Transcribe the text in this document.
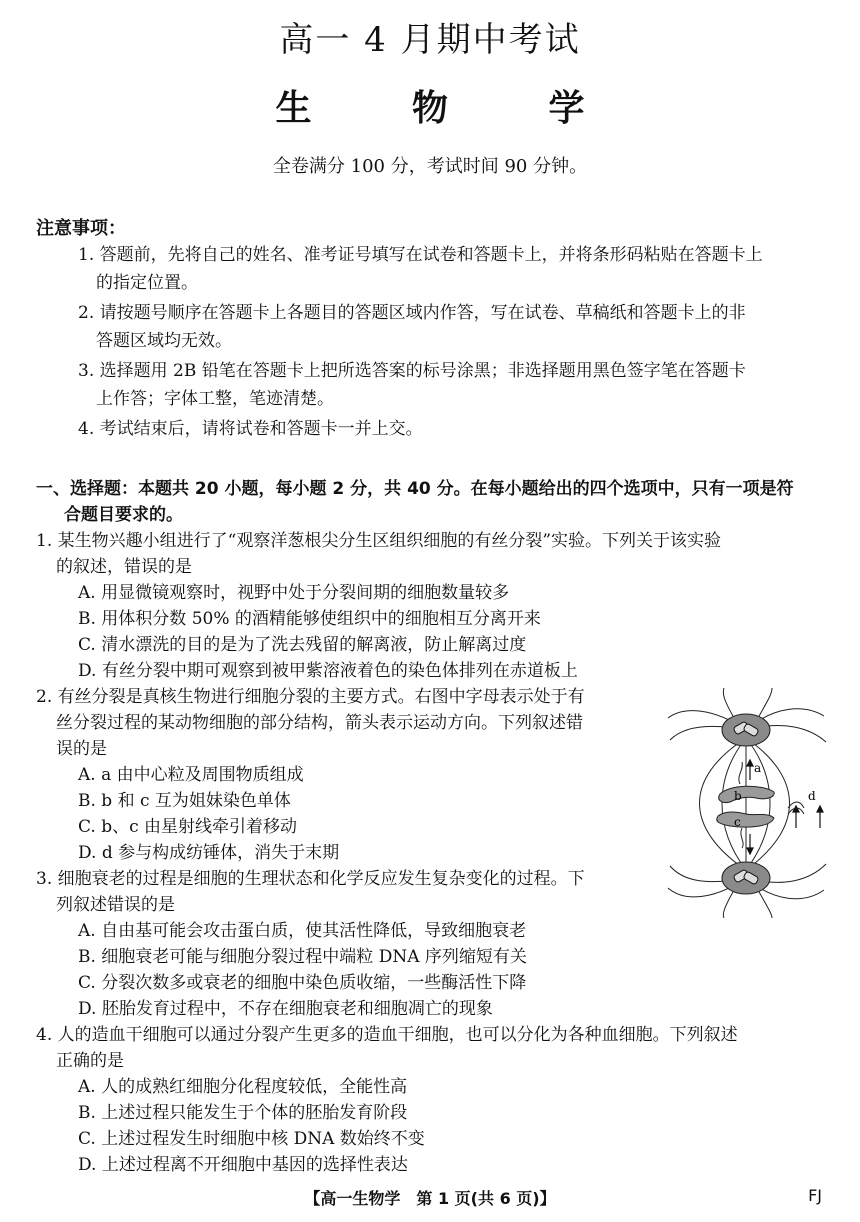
高一 4 月期中考试
生 物 学
全卷满分 100 分，考试时间 90 分钟。
注意事项：
1. 答题前，先将自己的姓名、准考证号填写在试卷和答题卡上，并将条形码粘贴在答题卡上
的指定位置。
2. 请按题号顺序在答题卡上各题目的答题区域内作答，写在试卷、草稿纸和答题卡上的非
答题区域均无效。
3. 选择题用 2B 铅笔在答题卡上把所选答案的标号涂黑；非选择题用黑色签字笔在答题卡
上作答；字体工整，笔迹清楚。
4. 考试结束后，请将试卷和答题卡一并上交。
一、选择题：本题共 20 小题，每小题 2 分，共 40 分。在每小题给出的四个选项中，只有一项是符
合题目要求的。
1. 某生物兴趣小组进行了“观察洋葱根尖分生区组织细胞的有丝分裂”实验。下列关于该实验
的叙述，错误的是
A. 用显微镜观察时，视野中处于分裂间期的细胞数量较多
B. 用体积分数 50% 的酒精能够使组织中的细胞相互分离开来
C. 清水漂洗的目的是为了洗去残留的解离液，防止解离过度
D. 有丝分裂中期可观察到被甲紫溶液着色的染色体排列在赤道板上
2. 有丝分裂是真核生物进行细胞分裂的主要方式。右图中字母表示处于有
丝分裂过程的某动物细胞的部分结构，箭头表示运动方向。下列叙述错
误的是
A. a 由中心粒及周围物质组成
B. b 和 c 互为姐妹染色单体
C. b、c 由星射线牵引着移动
D. d 参与构成纺锤体，消失于末期
3. 细胞衰老的过程是细胞的生理状态和化学反应发生复杂变化的过程。下
列叙述错误的是
A. 自由基可能会攻击蛋白质，使其活性降低，导致细胞衰老
B. 细胞衰老可能与细胞分裂过程中端粒 DNA 序列缩短有关
C. 分裂次数多或衰老的细胞中染色质收缩，一些酶活性下降
D. 胚胎发育过程中，不存在细胞衰老和细胞凋亡的现象
4. 人的造血干细胞可以通过分裂产生更多的造血干细胞，也可以分化为各种血细胞。下列叙述
正确的是
A. 人的成熟红细胞分化程度较低，全能性高
B. 上述过程只能发生于个体的胚胎发育阶段
C. 上述过程发生时细胞中核 DNA 数始终不变
D. 上述过程离不开细胞中基因的选择性表达
a
b
c
d
【高一生物学　第 1 页(共 6 页)】	FJ
